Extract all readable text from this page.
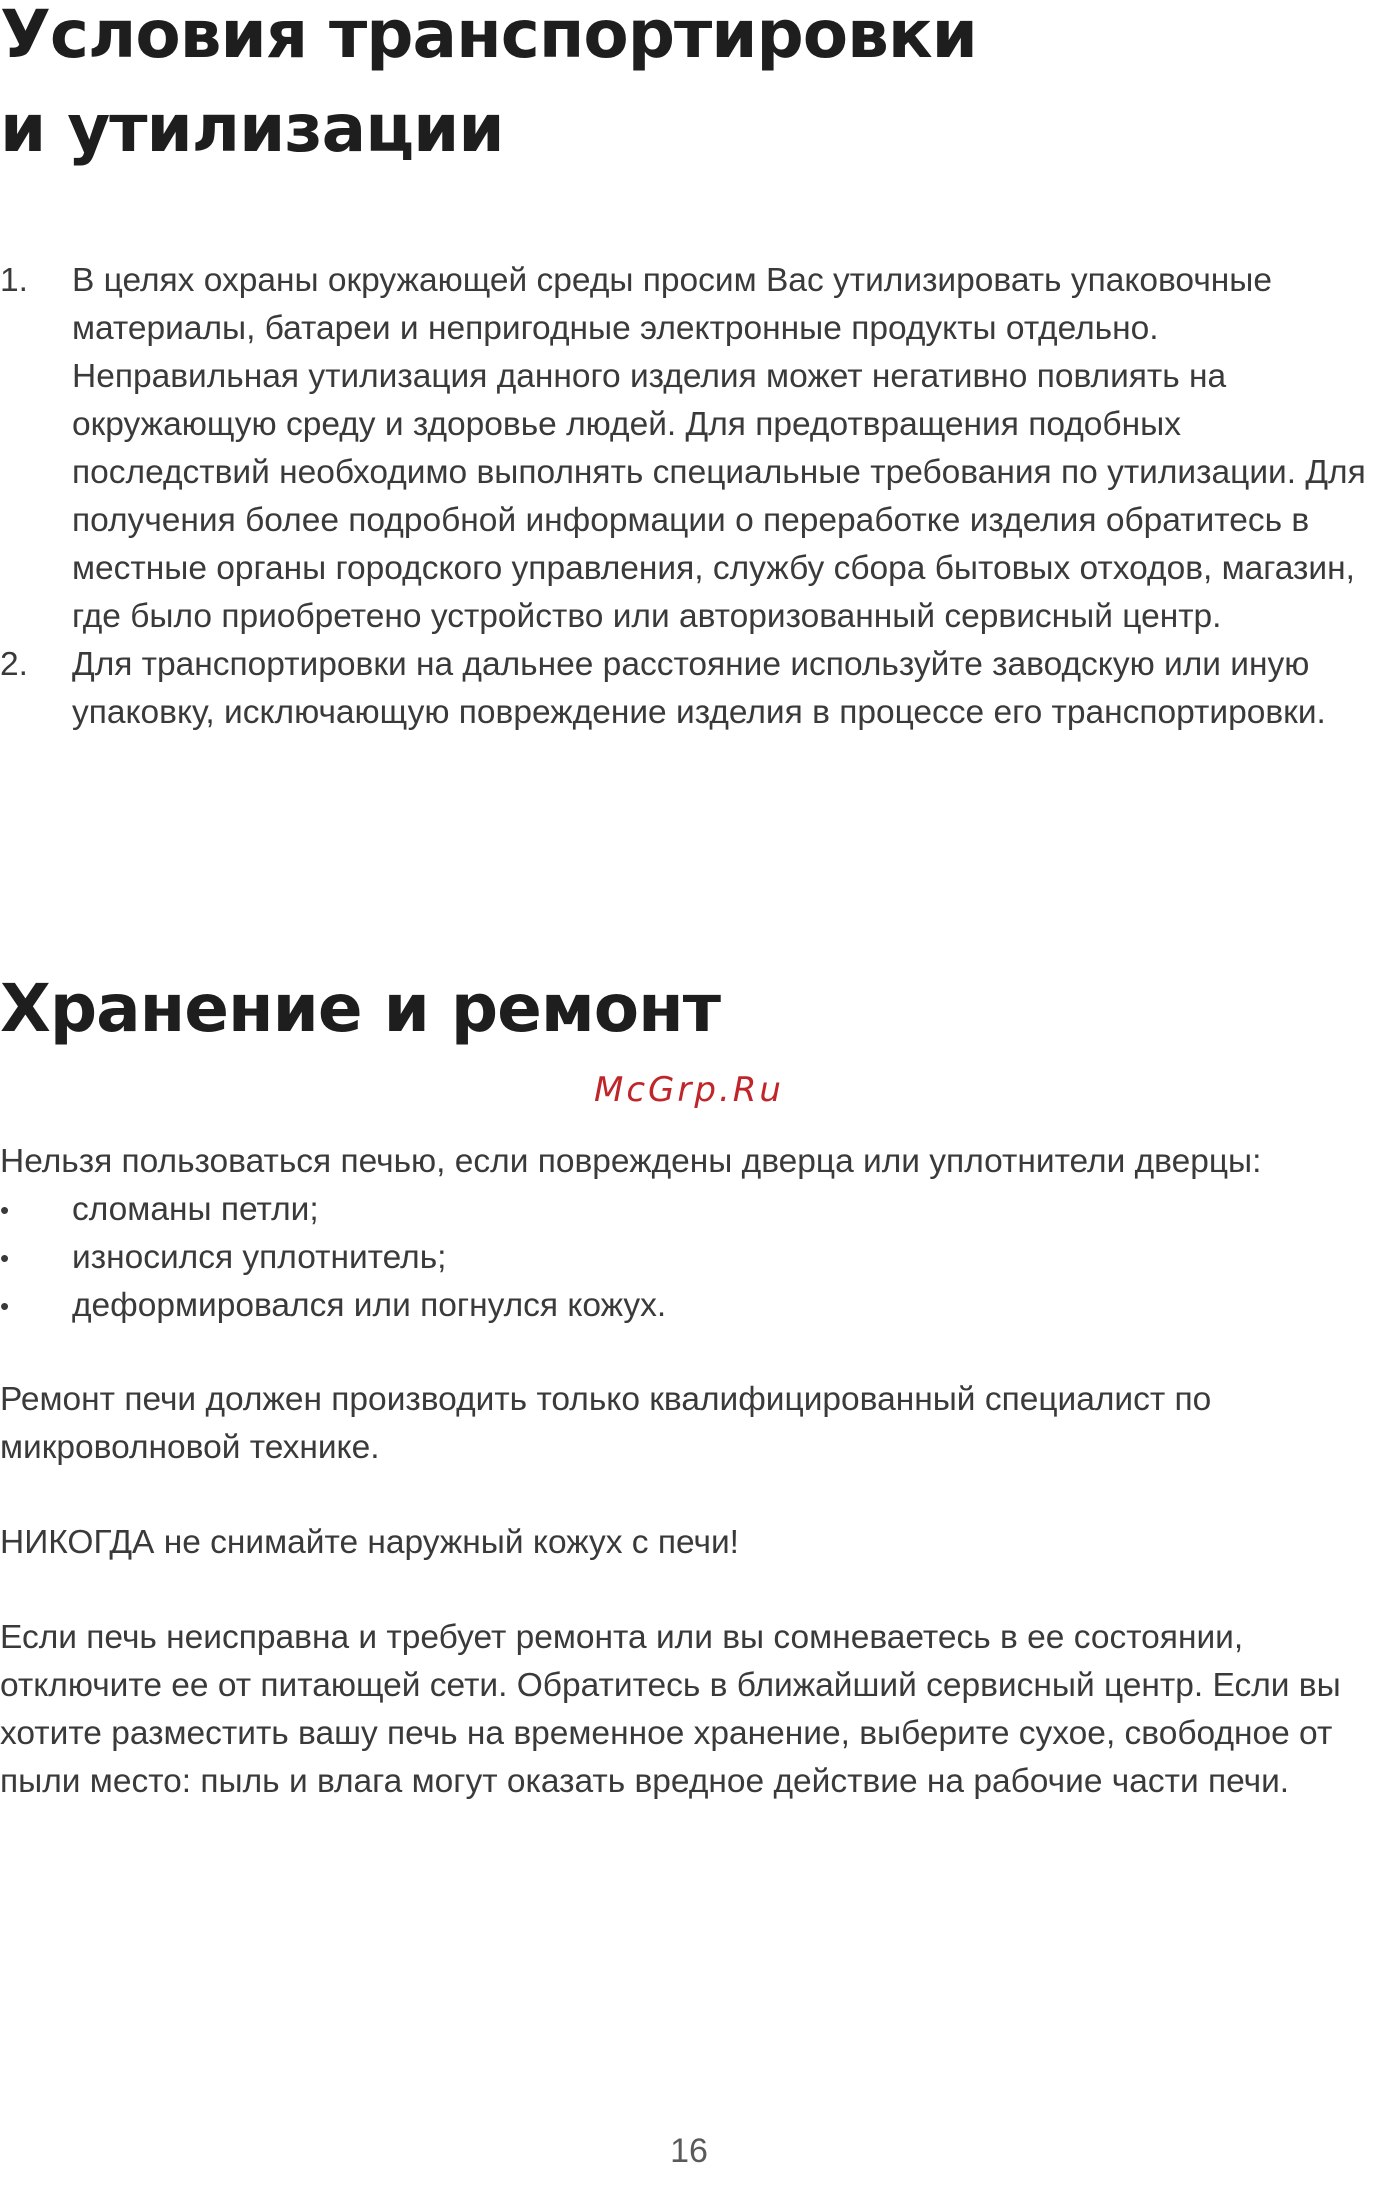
Условия транспортировки
и утилизации
1. В целях охраны окружающей среды просим Вас утилизировать упаковочные материалы, батареи и непригодные электронные продукты отдельно. Неправильная утилизация данного изделия может негативно повлиять на окружающую среду и здоровье людей. Для предотвращения подобных последствий необходимо выполнять специальные требования по утилизации. Для получения более подробной информации о переработке изделия обратитесь в местные органы городского управления, службу сбора бытовых отходов, магазин, где было приобретено устройство или авторизованный сервисный центр.
2. Для транспортировки на дальнее расстояние используйте заводскую или иную упаковку, исключающую повреждение изделия в процессе его транспортировки.
Хранение и ремонт
McGrp.Ru

Нельзя пользоваться печью, если повреждены дверца или уплотнители дверцы:

• сломаны петли;
• износился уплотнитель;
• деформировался или погнулся кожух.

Ремонт печи должен производить только квалифицированный специалист по микроволновой технике.

НИКОГДА не снимайте наружный кожух с печи!

Если печь неисправна и требует ремонта или вы сомневаетесь в ее состоянии, отключите ее от питающей сети. Обратитесь в ближайший сервисный центр. Если вы хотите разместить вашу печь на временное хранение, выберите сухое, свободное от пыли место: пыль и влага могут оказать вредное действие на рабочие части печи.

16
